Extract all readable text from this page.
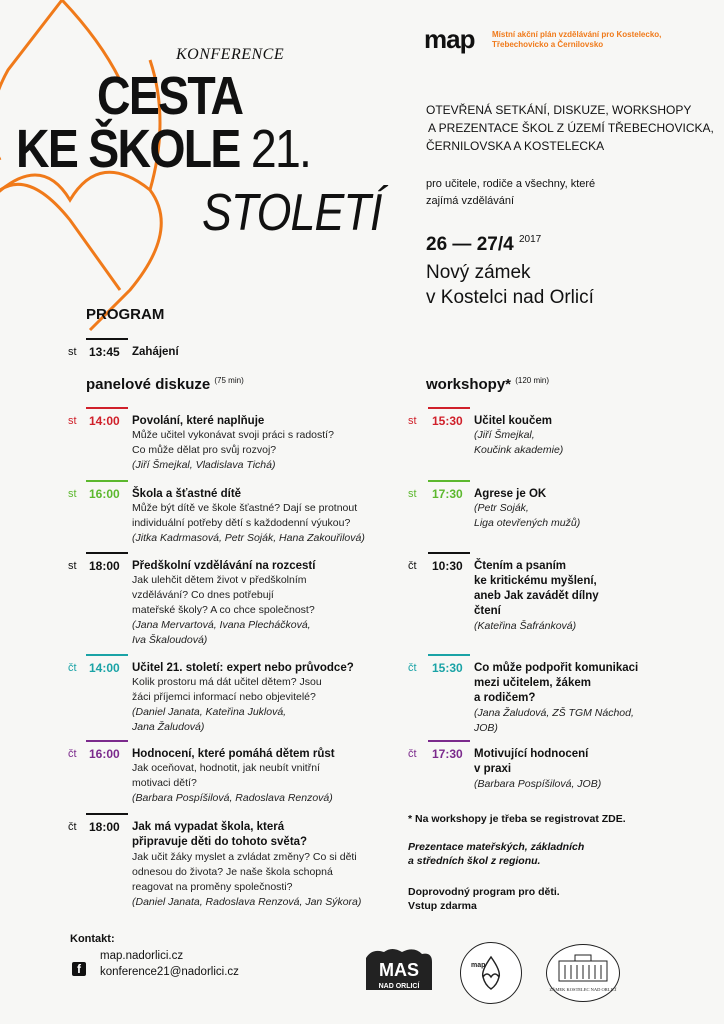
KONFERENCE
CESTA
KE ŠKOLE 21.
STOLETÍ
map Místní akční plán vzdělávání pro Kostelecko, Třebechovicko a Černilovsko
OTEVŘENÁ SETKÁNÍ, DISKUZE, WORKSHOPY
A PREZENTACE ŠKOL Z ÚZEMÍ TŘEBECHOVICKA,
ČERNILOVSKA A KOSTELECKA
pro učitele, rodiče a všechny, které
zajímá vzdělávání
26 — 27/4 $^{2017}$
Nový zámek
v Kostelci nad Orlicí
PROGRAM
st 13:45 Zahájení
panelové diskuze $^{(75 min)}$	workshopy* $^{(120 min)}$
st 14:00 Povolání, které naplňuje
Může učitel vykonávat svoji práci s radostí?
Co může dělat pro svůj rozvoj?
(Jiří Šmejkal, Vladislava Tichá)
st 16:00 Škola a šťastné dítě
Může být dítě ve škole šťastné? Dají se protnout
individuální potřeby dětí s každodenní výukou?
(Jitka Kadrmasová, Petr Soják, Hana Zakouřilová)
st 18:00 Předškolní vzdělávání na rozcestí
Jak ulehčit dětem život v předškolním
vzdělávání? Co dnes potřebují
mateřské školy? A co chce společnost?
(Jana Mervartová, Ivana Plecháčková,
Iva Škaloudová)
čt 14:00 Učitel 21. století: expert nebo průvodce?
Kolik prostoru má dát učitel dětem? Jsou
žáci příjemci informací nebo objevitelé?
(Daniel Janata, Kateřina Juklová,
Jana Žaludová)
čt 16:00 Hodnocení, které pomáhá dětem růst
Jak oceňovat, hodnotit, jak neubít vnitřní
motivaci dětí?
(Barbara Pospíšilová, Radoslava Renzová)
čt 18:00 Jak má vypadat škola, která
připravuje děti do tohoto světa?
Jak učit žáky myslet a zvládat změny? Co si děti
odnesou do života? Je naše škola schopná
reagovat na proměny společnosti?
(Daniel Janata, Radoslava Renzová, Jan Sýkora)
st 15:30 Učitel koučem
(Jiří Šmejkal,
Koučink akademie)
st 17:30 Agrese je OK
(Petr Soják,
Liga otevřených mužů)
čt 10:30 Čtením a psaním
ke kritickému myšlení,
aneb Jak zavádět dílny
čtení
(Kateřina Šafránková)
čt 15:30 Co může podpořit komunikaci
mezi učitelem, žákem
a rodičem?
(Jana Žaludová, ZŠ TGM Náchod,
JOB)
čt 17:30 Motivující hodnocení
v praxi
(Barbara Pospíšilová, JOB)
* Na workshopy je třeba se registrovat ZDE.
Prezentace mateřských, základních
a středních škol z regionu.
Doprovodný program pro děti.
Vstup zdarma
Kontakt:
map.nadorlici.cz
f	konference21@nadorlici.cz	MAS
NAD ORLICÍ
map
ZÁMEK KOSTELEC NAD ORLICÍ
